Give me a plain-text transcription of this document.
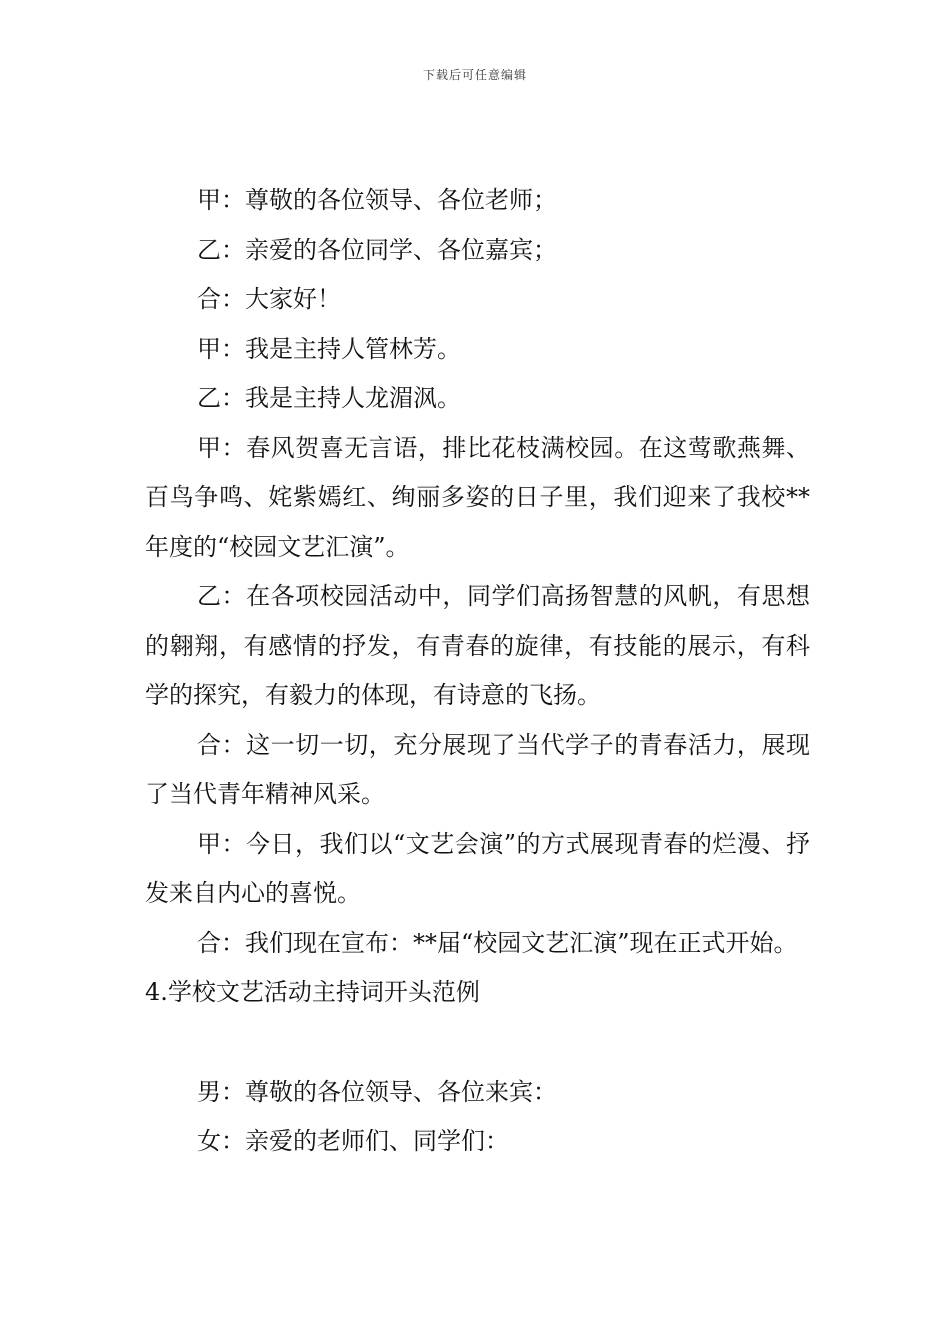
下载后可任意编辑

甲：尊敬的各位领导、各位老师；

乙：亲爱的各位同学、各位嘉宾；

合：大家好！

甲：我是主持人管林芳。

乙：我是主持人龙湄沨。

甲：春风贺喜无言语，排比花枝满校园。在这莺歌燕舞、百鸟争鸣、姹紫嫣红、绚丽多姿的日子里，我们迎来了我校**年度的“校园文艺汇演”。

乙：在各项校园活动中，同学们高扬智慧的风帆，有思想的翱翔，有感情的抒发，有青春的旋律，有技能的展示，有科学的探究，有毅力的体现，有诗意的飞扬。

合：这一切一切，充分展现了当代学子的青春活力，展现了当代青年精神风采。

甲：今日，我们以“文艺会演”的方式展现青春的烂漫、抒发来自内心的喜悦。

合：我们现在宣布：**届“校园文艺汇演”现在正式开始。

4.学校文艺活动主持词开头范例

男：尊敬的各位领导、各位来宾：

女：亲爱的老师们、同学们：
